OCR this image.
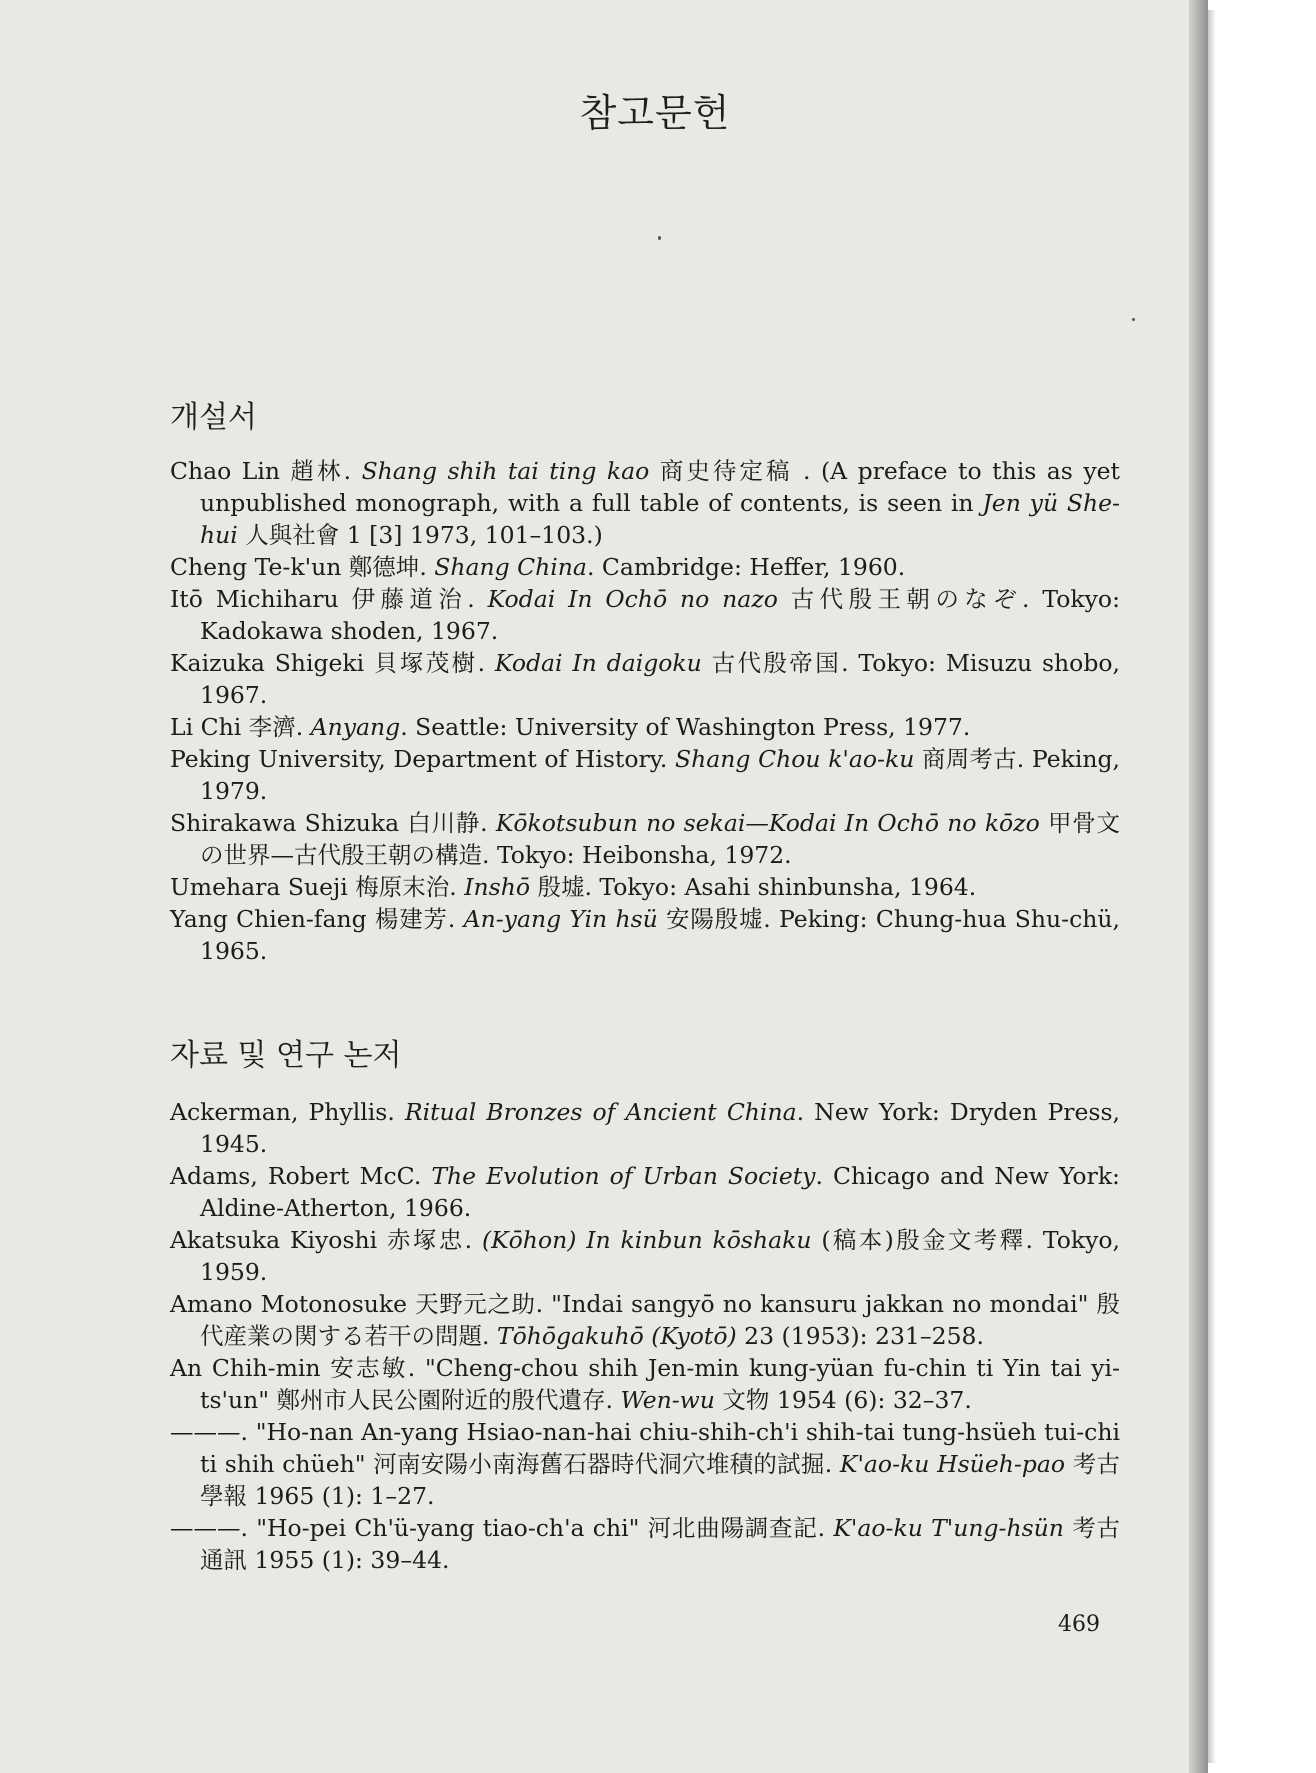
참고문헌
개설서
Chao Lin 趙林. Shang shih tai ting kao 商史待定稿 . (A preface to this as yet unpublished monograph, with a full table of contents, is seen in Jen yü She-hui 人與社會 1 [3] 1973, 101–103.)
Cheng Te-k'un 鄭德坤. Shang China. Cambridge: Heffer, 1960.
Itō Michiharu 伊藤道治. Kodai In Ochō no nazo 古代殷王朝のなぞ. Tokyo: Kadokawa shoden, 1967.
Kaizuka Shigeki 貝塚茂樹. Kodai In daigoku 古代殷帝国. Tokyo: Misuzu shobo, 1967.
Li Chi 李濟. Anyang. Seattle: University of Washington Press, 1977.
Peking University, Department of History. Shang Chou k'ao-ku 商周考古. Peking, 1979.
Shirakawa Shizuka 白川静. Kōkotsubun no sekai—Kodai In Ochō no kōzo 甲骨文の世界—古代殷王朝の構造. Tokyo: Heibonsha, 1972.
Umehara Sueji 梅原末治. Inshō 殷墟. Tokyo: Asahi shinbunsha, 1964.
Yang Chien-fang 楊建芳. An-yang Yin hsü 安陽殷墟. Peking: Chung-hua Shu-chü, 1965.
자료 및 연구 논저
Ackerman, Phyllis. Ritual Bronzes of Ancient China. New York: Dryden Press, 1945.
Adams, Robert McC. The Evolution of Urban Society. Chicago and New York: Aldine-Atherton, 1966.
Akatsuka Kiyoshi 赤塚忠. (Kōhon) In kinbun kōshaku (稿本)殷金文考釋. Tokyo, 1959.
Amano Motonosuke 天野元之助. "Indai sangyō no kansuru jakkan no mondai" 殷代産業の関する若干の問題. Tōhōgakuhō (Kyotō) 23 (1953): 231–258.
An Chih-min 安志敏. "Cheng-chou shih Jen-min kung-yüan fu-chin ti Yin tai yi-ts'un" 鄭州市人民公園附近的殷代遺存. Wen-wu 文物 1954 (6): 32–37.
———. "Ho-nan An-yang Hsiao-nan-hai chiu-shih-ch'i shih-tai tung-hsüeh tui-chi ti shih chüeh" 河南安陽小南海舊石器時代洞穴堆積的試掘. K'ao-ku Hsüeh-pao 考古學報 1965 (1): 1–27.
———. "Ho-pei Ch'ü-yang tiao-ch'a chi" 河北曲陽調查記. K'ao-ku T'ung-hsün 考古通訊 1955 (1): 39–44.
469
